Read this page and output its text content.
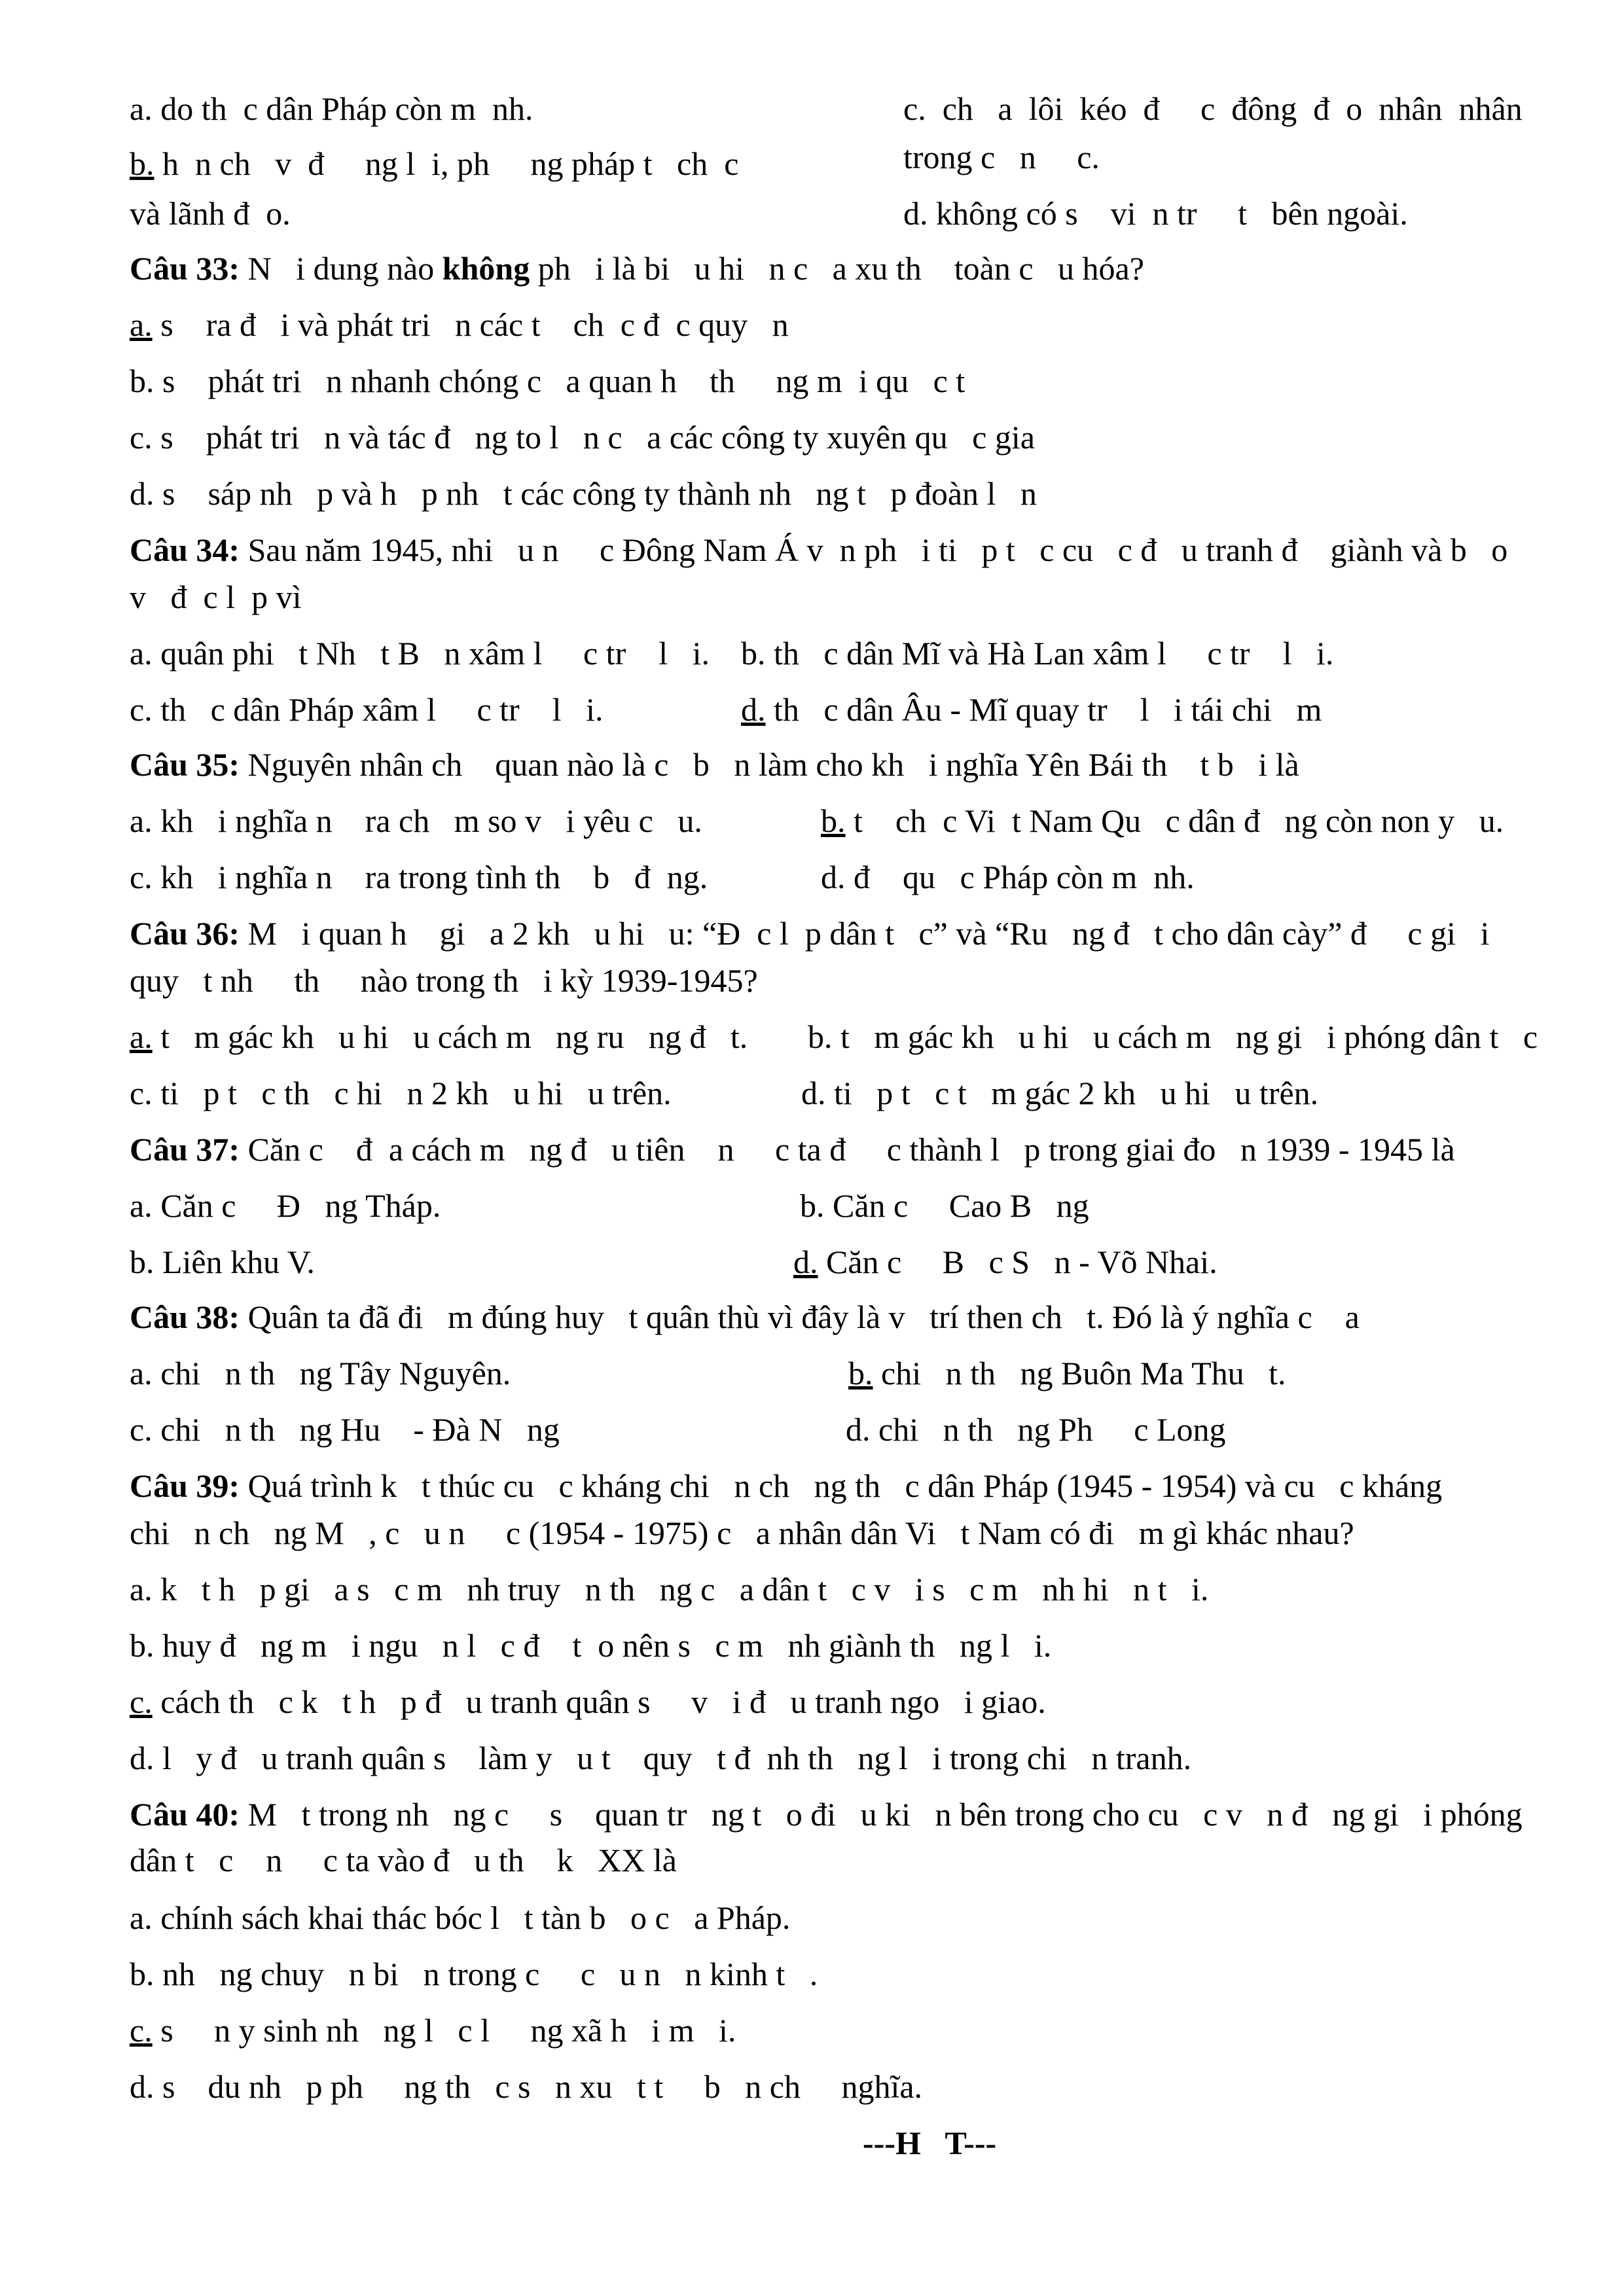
a. do th  c dân Pháp còn m  nh.	c.  ch   a  lôi  kéo  đ     c  đông  đ  o  nhân  nhân
b. h  n ch   v  đ     ng l  i, ph     ng pháp t   ch  c	trong c   n     c.
và lãnh đ  o.	d. không có s    vi  n tr     t   bên ngoài.
Câu 33: N   i dung nào không ph   i là bi   u hi   n c   a xu th    toàn c   u hóa?
a. s    ra đ   i và phát tri   n các t    ch  c đ  c quy   n
b. s    phát tri   n nhanh chóng c   a quan h    th     ng m  i qu   c t
c. s    phát tri   n và tác đ   ng to l   n c   a các công ty xuyên qu   c gia
d. s    sáp nh   p và h   p nh   t các công ty thành nh   ng t   p đoàn l   n
Câu 34: Sau năm 1945, nhi   u n     c Đông Nam Á v  n ph   i ti   p t   c cu   c đ   u tranh đ    giành và b   o
v   đ  c l  p vì
a. quân phi   t Nh   t B   n xâm l     c tr    l   i. b. th   c dân Mĩ và Hà Lan xâm l     c tr    l   i.
c. th   c dân Pháp xâm l     c tr    l   i.	d. th   c dân Âu - Mĩ quay tr    l   i tái chi   m
Câu 35: Nguyên nhân ch    quan nào là c   b   n làm cho kh   i nghĩa Yên Bái th    t b   i là
a. kh   i nghĩa n    ra ch   m so v   i yêu c   u.	b. t    ch  c Vi  t Nam Qu   c dân đ   ng còn non y   u.
c. kh   i nghĩa n    ra trong tình th    b   đ  ng.	d. đ    qu   c Pháp còn m  nh.
Câu 36: M   i quan h    gi   a 2 kh   u hi   u: “Đ  c l  p dân t   c” và “Ru   ng đ   t cho dân cày” đ     c gi   i
quy   t nh     th     nào trong th   i kỳ 1939-1945?
a. t   m gác kh   u hi   u cách m   ng ru   ng đ   t. b. t   m gác kh   u hi   u cách m   ng gi   i phóng dân t   c
c. ti   p t   c th   c hi   n 2 kh   u hi   u trên.	d. ti   p t   c t   m gác 2 kh   u hi   u trên.
Câu 37: Căn c    đ  a cách m   ng đ   u tiên    n     c ta đ     c thành l   p trong giai đo   n 1939 - 1945 là
a. Căn c     Đ   ng Tháp.	b. Căn c     Cao B   ng
b. Liên khu V.	d. Căn c     B   c S   n - Võ Nhai.
Câu 38: Quân ta đã đi   m đúng huy   t quân thù vì đây là v   trí then ch   t. Đó là ý nghĩa c    a
a. chi   n th   ng Tây Nguyên.	b. chi   n th   ng Buôn Ma Thu   t.
c. chi   n th   ng Hu    - Đà N   ng	d. chi   n th   ng Ph     c Long
Câu 39: Quá trình k   t thúc cu   c kháng chi   n ch   ng th   c dân Pháp (1945 - 1954) và cu   c kháng
chi   n ch   ng M   , c   u n     c (1954 - 1975) c   a nhân dân Vi   t Nam có đi   m gì khác nhau?
a. k   t h   p gi   a s   c m   nh truy   n th   ng c   a dân t   c v   i s   c m   nh hi   n t   i.
b. huy đ   ng m   i ngu   n l   c đ    t  o nên s   c m   nh giành th   ng l   i.
c. cách th   c k   t h   p đ   u tranh quân s     v   i đ   u tranh ngo   i giao.
d. l   y đ   u tranh quân s    làm y   u t    quy   t đ  nh th   ng l   i trong chi   n tranh.
Câu 40: M   t trong nh   ng c     s    quan tr   ng t   o đi   u ki   n bên trong cho cu   c v   n đ   ng gi   i phóng
dân t   c    n     c ta vào đ   u th    k   XX là
a. chính sách khai thác bóc l   t tàn b   o c   a Pháp.
b. nh   ng chuy   n bi   n trong c     c   u n   n kinh t   .
c. s     n y sinh nh   ng l   c l     ng xã h   i m   i.
d. s    du nh   p ph     ng th   c s   n xu   t t     b   n ch     nghĩa.
---H   T---
